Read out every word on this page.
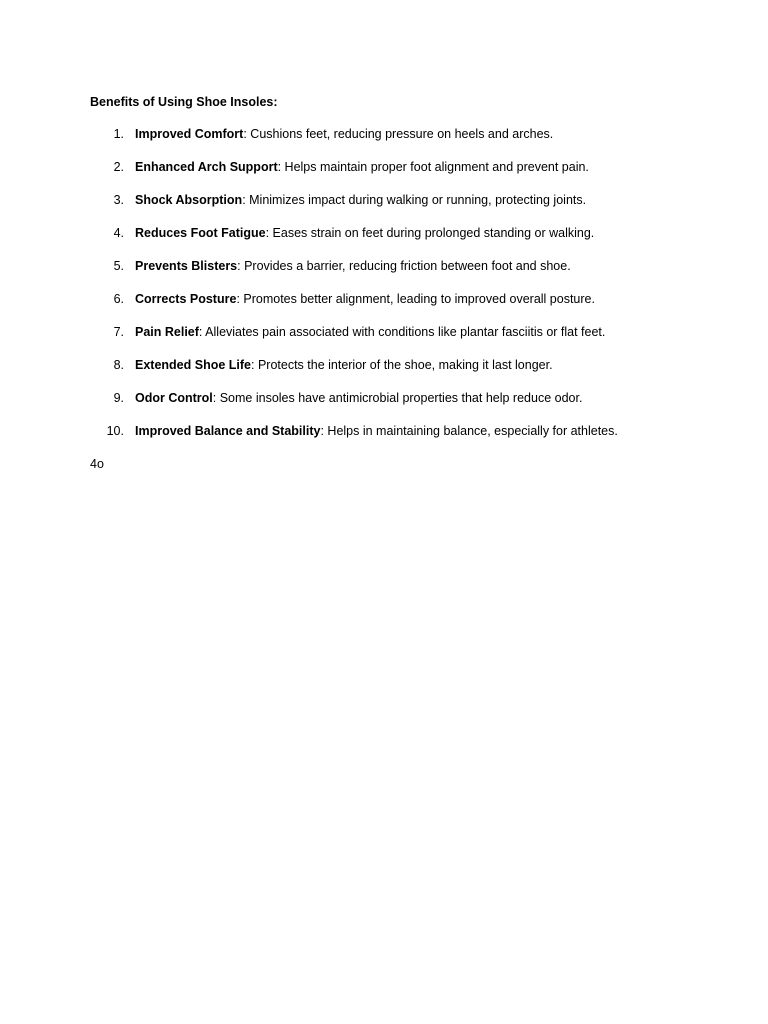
Benefits of Using Shoe Insoles:
1. Improved Comfort: Cushions feet, reducing pressure on heels and arches.
2. Enhanced Arch Support: Helps maintain proper foot alignment and prevent pain.
3. Shock Absorption: Minimizes impact during walking or running, protecting joints.
4. Reduces Foot Fatigue: Eases strain on feet during prolonged standing or walking.
5. Prevents Blisters: Provides a barrier, reducing friction between foot and shoe.
6. Corrects Posture: Promotes better alignment, leading to improved overall posture.
7. Pain Relief: Alleviates pain associated with conditions like plantar fasciitis or flat feet.
8. Extended Shoe Life: Protects the interior of the shoe, making it last longer.
9. Odor Control: Some insoles have antimicrobial properties that help reduce odor.
10. Improved Balance and Stability: Helps in maintaining balance, especially for athletes.
4o
